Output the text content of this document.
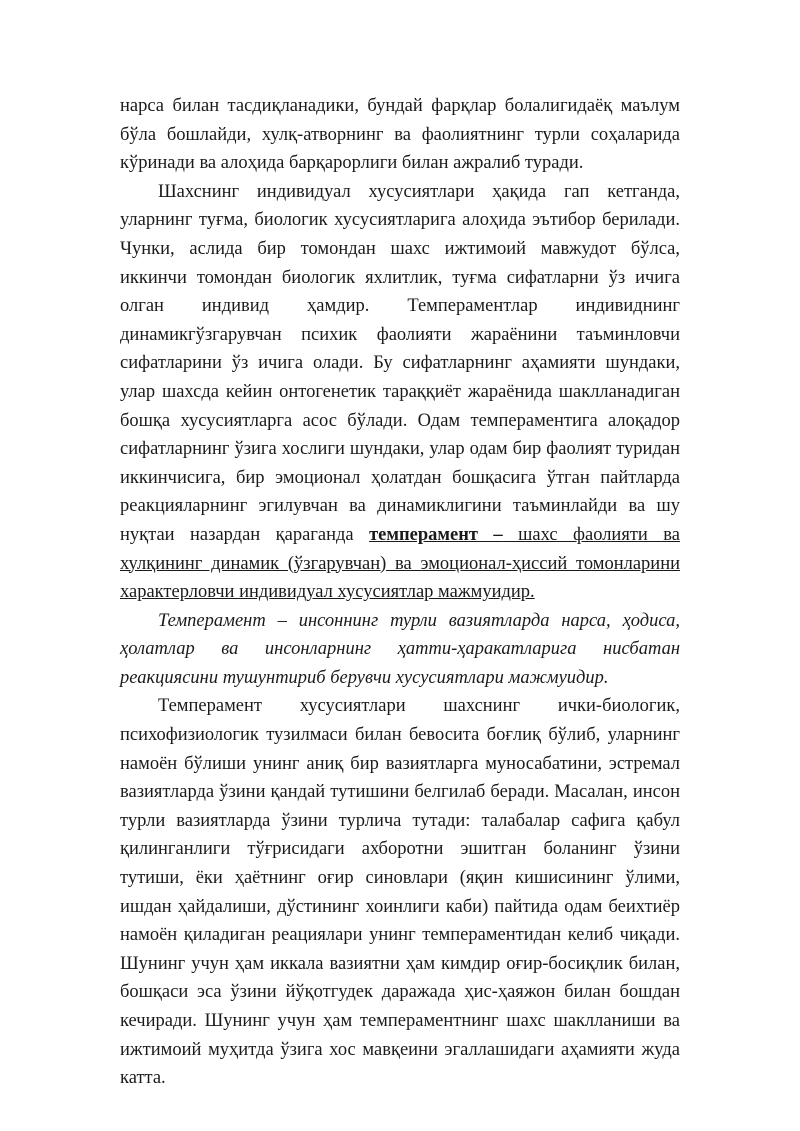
нарса билан тасдиқланадики, бундай фарқлар болалигидаёқ маълум бўла бошлайди, хулқ-атворнинг ва фаолиятнинг турли соҳаларида кўринади ва алоҳида барқарорлиги билан ажралиб туради.

Шахснинг индивидуал хусусиятлари ҳақида гап кетганда, уларнинг туғма, биологик хусусиятларига алоҳида эътибор берилади. Чунки, аслида бир томондан шахс ижтимоий мавжудот бўлса, иккинчи томондан биологик яхлитлик, туғма сифатларни ўз ичига олган индивид ҳамдир. Темпераментлар индивиднинг динамикгўзгарувчан психик фаолияти жараёнини таъминловчи сифатларини ўз ичига олади. Бу сифатларнинг аҳамияти шундаки, улар шахсда кейин онтогенетик тараққиёт жараёнида шаклланадиган бошқа хусусиятларга асос бўлади. Одам темпераментига алоқадор сифатларнинг ўзига хослиги шундаки, улар одам бир фаолият туридан иккинчисига, бир эмоционал ҳолатдан бошқасига ўтган пайтларда реакцияларнинг эгилувчан ва динамиклигини таъминлайди ва шу нуқтаи назардан қараганда темперамент – шахс фаолияти ва хулқининг динамик (ўзгарувчан) ва эмоционал-ҳиссий томонларини характерловчи индивидуал хусусиятлар мажмуидир.

Темперамент – инсоннинг турли вазиятларда нарса, ҳодиса, ҳолатлар ва инсонларнинг ҳатти-ҳаракатларига нисбатан реакциясини тушунтириб берувчи хусусиятлари мажмуидир.

Темперамент хусусиятлари шахснинг ички-биологик, психофизиологик тузилмаси билан бевосита боғлиқ бўлиб, уларнинг намоён бўлиши унинг аниқ бир вазиятларга муносабатини, эстремал вазиятларда ўзини қандай тутишини белгилаб беради. Масалан, инсон турли вазиятларда ўзини турлича тутади: талабалар сафига қабул қилинганлиги тўғрисидаги ахборотни эшитган боланинг ўзини тутиши, ёки ҳаётнинг оғир синовлари (яқин кишисининг ўлими, ишдан ҳайдалиши, дўстининг хоинлиги каби) пайтида одам беихтиёр намоён қиладиган реациялари унинг темпераментидан келиб чиқади. Шунинг учун ҳам иккала вазиятни ҳам кимдир оғир-босиқлик билан, бошқаси эса ўзини йўқотгудек даражада ҳис-ҳаяжон билан бошдан кечиради. Шунинг учун ҳам темпераментнинг шахс шаклланиши ва ижтимоий муҳитда ўзига хос мавқеини эгаллашидаги аҳамияти жуда катта.
